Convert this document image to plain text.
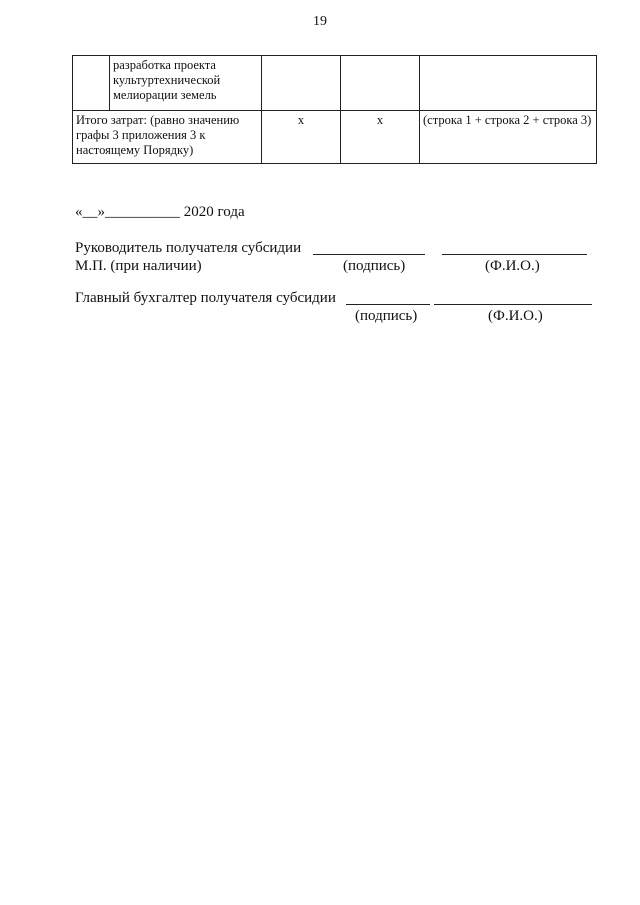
19
	разработка проекта культуртехнической мелиорации земель			
Итого затрат: (равно значению графы 3 приложения 3 к настоящему Порядку)		х	х	(строка 1 + строка 2 + строка 3)
«__»__________ 2020 года
Руководитель получателя субсидии
М.П. (при наличии)	(подпись)	(Ф.И.О.)
Главный бухгалтер получателя субсидии
(подпись)	(Ф.И.О.)
